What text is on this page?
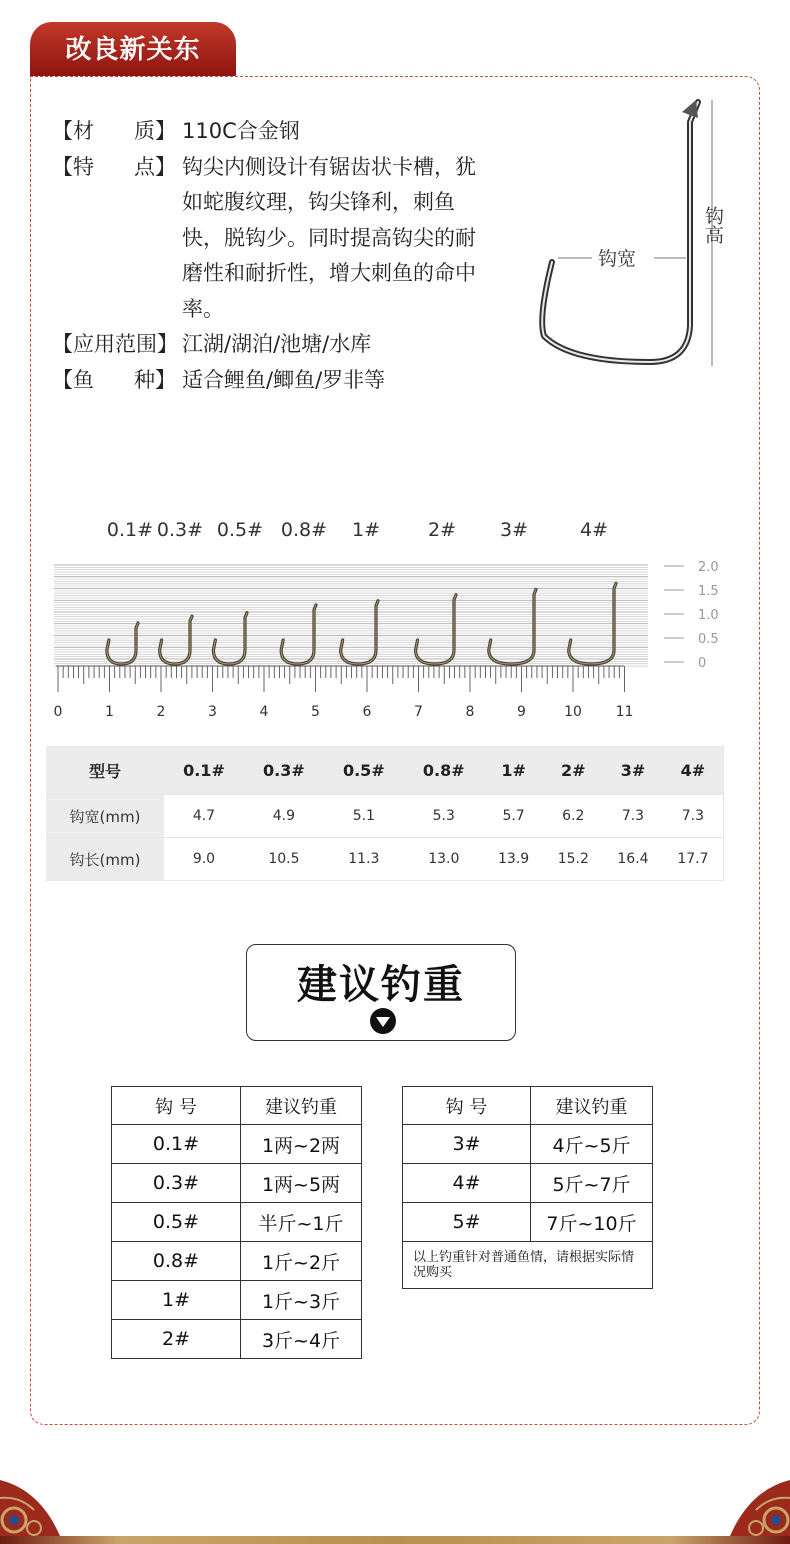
改良新关东
【材      质】 110C合金钢
【特      点】 钩尖内侧设计有锯齿状卡槽，犹如蛇腹纹理，钩尖锋利，刺鱼快，脱钩少。同时提高钩尖的耐磨性和耐折性，增大刺鱼的命中率。
【应用范围】 江湖/湖泊/池塘/水库
【鱼      种】 适合鲤鱼/鲫鱼/罗非等
钩宽
钩高
2.0
1.5
1.0
0.5
0
0	1	2	3	4	5	6	7	8	9	10 11
0.1# 0.3# 0.5# 0.8# 1#	2# 3#	4#
型号	0.1#	0.3#	0.5#	0.8#	1#	2#	3#	4#
钩宽(mm)	4.7	4.9	5.1	5.3	5.7	6.2	7.3	7.3
钩长(mm)	9.0	10.5	11.3	13.0	13.9	15.2	16.4	17.7
建议钓重
钩 号	建议钓重
0.1#	1两~2两
0.3#	1两~5两
0.5#	半斤~1斤
0.8#	1斤~2斤
1#	1斤~3斤
2#	3斤~4斤
钩 号	建议钓重
3#	4斤~5斤
4#	5斤~7斤
5#	7斤~10斤
以上钓重针对普通鱼情，请根据实际情况购买	
